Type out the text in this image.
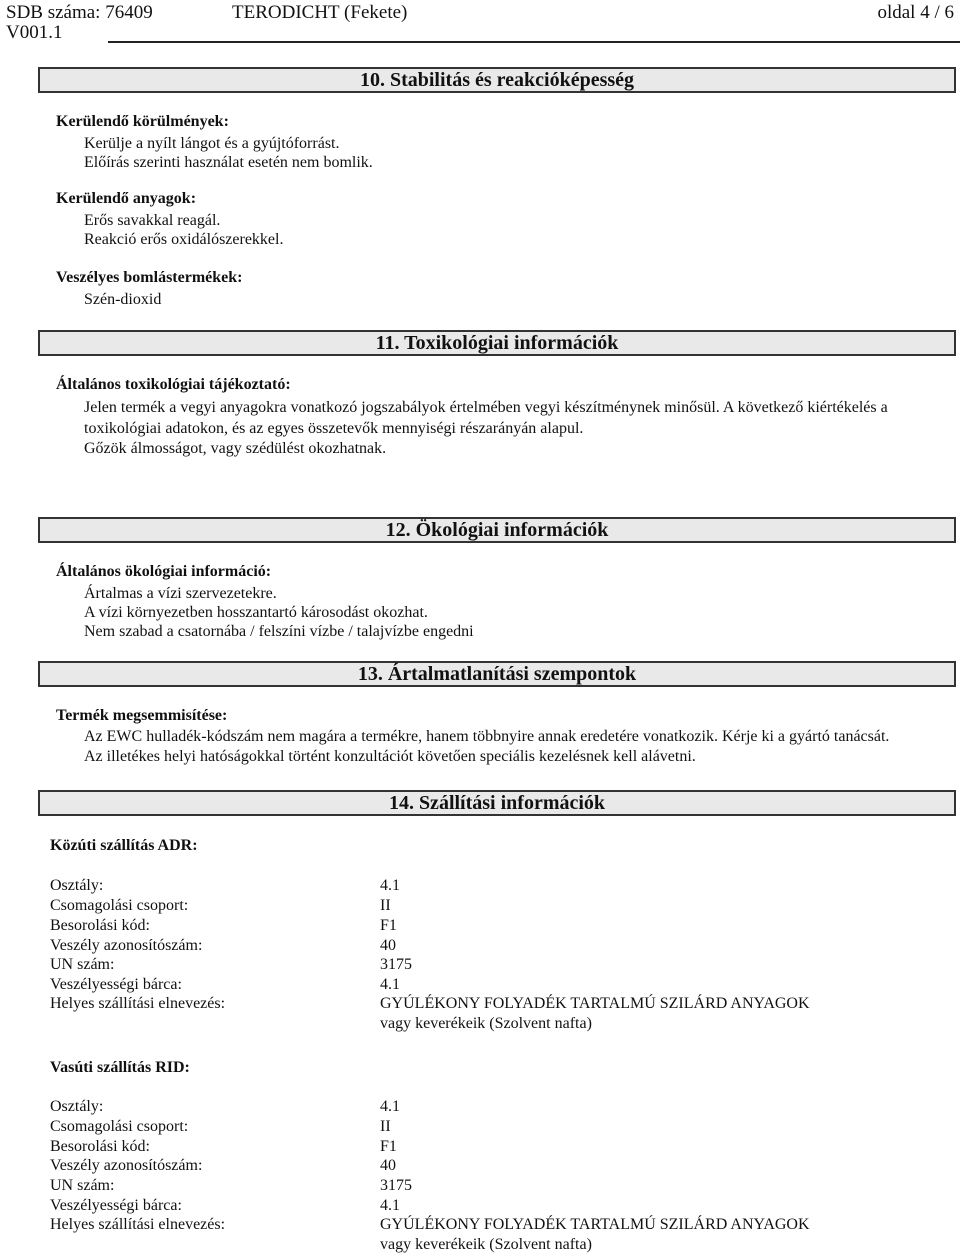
SDB száma: 76409
V001.1
TERODICHT (Fekete)	oldal 4 / 6
10. Stabilitás és reakcióképesség
Kerülendő körülmények:
Kerülje a nyílt lángot és a gyújtóforrást.
Előírás szerinti használat esetén nem bomlik.
Kerülendő anyagok:
Erős savakkal reagál.
Reakció erős oxidálószerekkel.
Veszélyes bomlástermékek:
Szén-dioxid
11. Toxikológiai információk
Általános toxikológiai tájékoztató:
Jelen termék a vegyi anyagokra vonatkozó jogszabályok értelmében vegyi készítménynek minősül. A következő kiértékelés a
toxikológiai adatokon, és az egyes összetevők mennyiségi részarányán alapul.
Gőzök álmosságot, vagy szédülést okozhatnak.
12. Ökológiai információk
Általános ökológiai információ:
Ártalmas a vízi szervezetekre.
A vízi környezetben hosszantartó károsodást okozhat.
Nem szabad a csatornába / felszíni vízbe / talajvízbe engedni
13. Ártalmatlanítási szempontok
Termék megsemmisítése:
Az EWC hulladék-kódszám nem magára a termékre, hanem többnyire annak eredetére vonatkozik. Kérje ki a gyártó tanácsát.
Az illetékes helyi hatóságokkal történt konzultációt követően speciális kezelésnek kell alávetni.
14. Szállítási információk
Közúti szállítás ADR:
Osztály:	4.1
Csomagolási csoport:	II
Besorolási kód:	F1
Veszély azonosítószám:	40
UN szám:	3175
Veszélyességi bárca:	4.1
Helyes szállítási elnevezés:	GYÚLÉKONY FOLYADÉK TARTALMÚ SZILÁRD ANYAGOK
vagy keverékeik (Szolvent nafta)
Vasúti szállítás RID:
Osztály:	4.1
Csomagolási csoport:	II
Besorolási kód:	F1
Veszély azonosítószám:	40
UN szám:	3175
Veszélyességi bárca:	4.1
Helyes szállítási elnevezés:	GYÚLÉKONY FOLYADÉK TARTALMÚ SZILÁRD ANYAGOK
vagy keverékeik (Szolvent nafta)
